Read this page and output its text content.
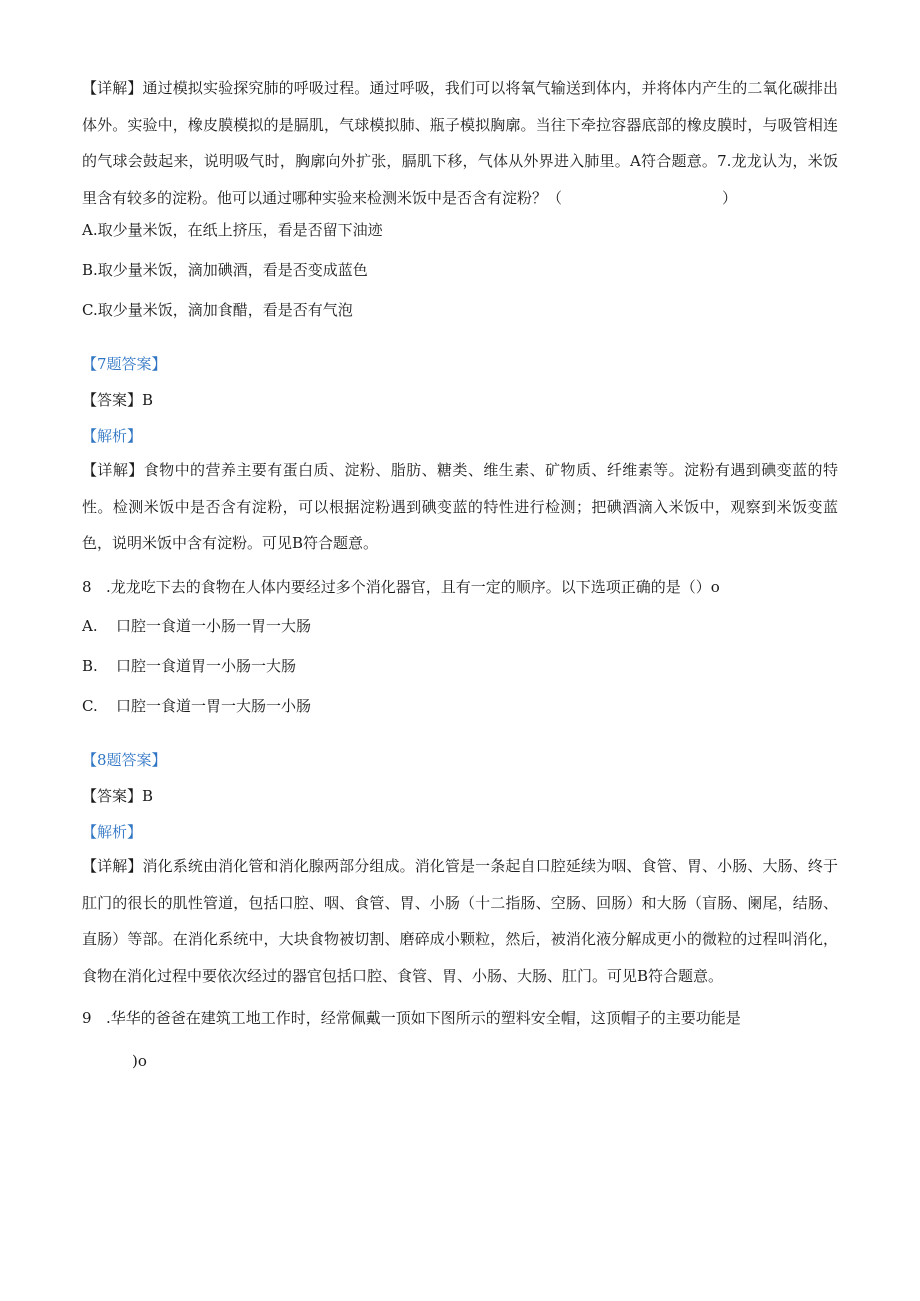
【详解】通过模拟实验探究肺的呼吸过程。通过呼吸，我们可以将氧气输送到体内，并将体内产生的二氧化碳排出体外。实验中，橡皮膜模拟的是膈肌，气球模拟肺、瓶子模拟胸廓。当往下牵拉容器底部的橡皮膜时，与吸管相连的气球会鼓起来，说明吸气时，胸廓向外扩张，膈肌下移，气体从外界进入肺里。A符合题意。7.龙龙认为，米饭里含有较多的淀粉。他可以通过哪种实验来检测米饭中是否含有淀粉？（	）
A.取少量米饭，在纸上挤压，看是否留下油迹
B.取少量米饭，滴加碘酒，看是否变成蓝色
C.取少量米饭，滴加食醋，看是否有气泡
【7题答案】
【答案】B
【解析】
【详解】食物中的营养主要有蛋白质、淀粉、脂肪、糖类、维生素、矿物质、纤维素等。淀粉有遇到碘变蓝的特性。检测米饭中是否含有淀粉，可以根据淀粉遇到碘变蓝的特性进行检测；把碘酒滴入米饭中，观察到米饭变蓝色，说明米饭中含有淀粉。可见B符合题意。
8 .龙龙吃下去的食物在人体内要经过多个消化器官，且有一定的顺序。以下选项正确的是（）o
A. 口腔一食道一小肠一胃一大肠
B. 口腔一食道胃一小肠一大肠
C. 口腔一食道一胃一大肠一小肠
【8题答案】
【答案】B
【解析】
【详解】消化系统由消化管和消化腺两部分组成。消化管是一条起自口腔延续为咽、食管、胃、小肠、大肠、终于肛门的很长的肌性管道，包括口腔、咽、食管、胃、小肠（十二指肠、空肠、回肠）和大肠（盲肠、阑尾，结肠、直肠）等部。在消化系统中，大块食物被切割、磨碎成小颗粒，然后，被消化液分解成更小的微粒的过程叫消化，食物在消化过程中要依次经过的器官包括口腔、食管、胃、小肠、大肠、肛门。可见B符合题意。
9 .华华的爸爸在建筑工地工作时，经常佩戴一顶如下图所示的塑料安全帽，这顶帽子的主要功能是
)o
